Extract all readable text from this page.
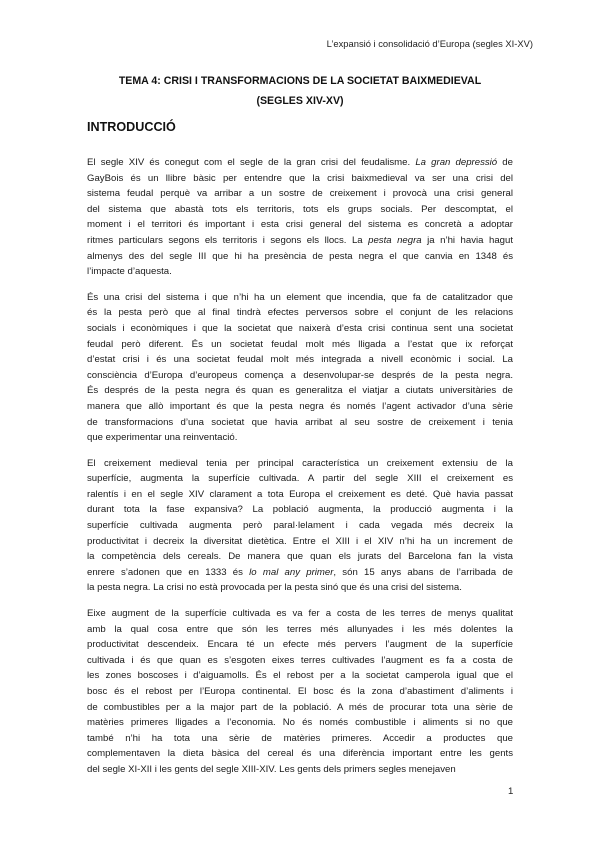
L’expansió i consolidació d’Europa (segles XI-XV)
TEMA 4: CRISI I TRANSFORMACIONS DE LA SOCIETAT BAIXMEDIEVAL
(SEGLES XIV-XV)
INTRODUCCIÓ
El segle XIV és conegut com el segle de la gran crisi del feudalisme. La gran depressió de
GayBois és un llibre bàsic per entendre que la crisi baixmedieval va ser una crisi del
sistema feudal perquè va arribar a un sostre de creixement i provocà una crisi general
del sistema que abastà tots els territoris, tots els grups socials. Per descomptat, el
moment i el territori és important i esta crisi general del sistema es concretà a adoptar
ritmes particulars segons els territoris i segons els llocs. La pesta negra ja n’hi havia hagut
almenys des del segle III que hi ha presència de pesta negra el que canvia en 1348 és
l’impacte d’aquesta.
És una crisi del sistema i que n’hi ha un element que incendia, que fa de catalitzador que
és la pesta però que al final tindrà efectes perversos sobre el conjunt de les relacions
socials i econòmiques i que la societat que naixerà d’esta crisi continua sent una societat
feudal però diferent. És un societat feudal molt més lligada a l’estat que ix reforçat
d’estat crisi i és una societat feudal molt més integrada a nivell econòmic i social. La
consciència d’Europa d’europeus comença a desenvolupar-se després de la pesta negra.
És després de la pesta negra és quan es generalitza el viatjar a ciutats universitàries de
manera que allò important és que la pesta negra és només l’agent activador d’una sèrie
de transformacions d’una societat que havia arribat al seu sostre de creixement i tenia
que experimentar una reinventació.
El creixement medieval tenia per principal característica un creixement extensiu de la
superfície, augmenta la superfície cultivada. A partir del segle XIII el creixement es
ralentís i en el segle XIV clarament a tota Europa el creixement es deté. Què havia passat
durant tota la fase expansiva? La població augmenta, la producció augmenta i la
superfície cultivada augmenta però paral·lelament i cada vegada més decreix la
productivitat i decreix la diversitat dietètica. Entre el XIII i el XIV n’hi ha un increment de
la competència dels cereals. De manera que quan els jurats del Barcelona fan la vista
enrere s’adonen que en 1333 és lo mal any primer, són 15 anys abans de l’arribada de
la pesta negra. La crisi no està provocada per la pesta sinó que és una crisi del sistema.
Eixe augment de la superfície cultivada es va fer a costa de les terres de menys qualitat
amb la qual cosa entre que són les terres més allunyades i les més dolentes la
productivitat descendeix. Encara té un efecte més pervers l’augment de la superfície
cultivada i és que quan es s’esgoten eixes terres cultivades l’augment es fa a costa de
les zones boscoses i d’aiguamolls. És el rebost per a la societat camperola igual que el
bosc és el rebost per l’Europa continental. El bosc és la zona d’abastiment d’aliments i
de combustibles per a la major part de la població. A més de procurar tota una sèrie de
matèries primeres lligades a l’economia. No és només combustible i aliments si no que
també n’hi ha tota una sèrie de matèries primeres. Accedir a productes que
complementaven la dieta bàsica del cereal és una diferència important entre les gents
del segle XI-XII i les gents del segle XIII-XIV. Les gents dels primers segles menejaven
1
